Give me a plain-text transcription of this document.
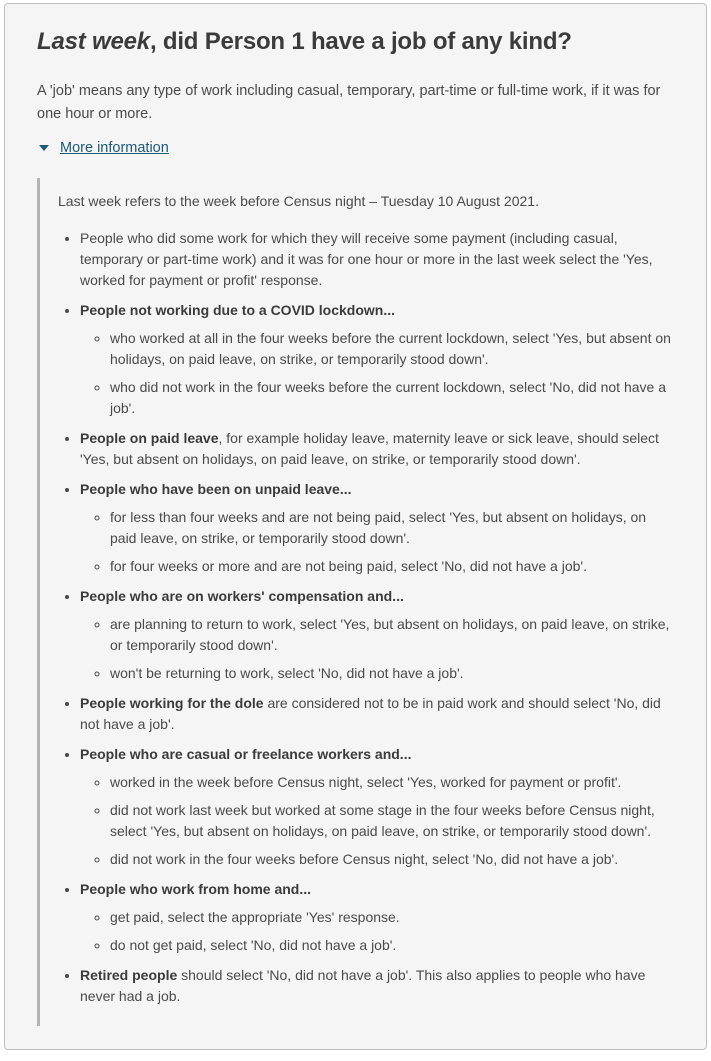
Last week, did Person 1 have a job of any kind?

A 'job' means any type of work including casual, temporary, part-time or full-time work, if it was for one hour or more.

More information

Last week refers to the week before Census night – Tuesday 10 August 2021.

• People who did some work for which they will receive some payment (including casual, temporary or part-time work) and it was for one hour or more in the last week select the 'Yes, worked for payment or profit' response.
• People not working due to a COVID lockdown...
◦ who worked at all in the four weeks before the current lockdown, select 'Yes, but absent on holidays, on paid leave, on strike, or temporarily stood down'.
◦ who did not work in the four weeks before the current lockdown, select 'No, did not have a job'.
• People on paid leave, for example holiday leave, maternity leave or sick leave, should select 'Yes, but absent on holidays, on paid leave, on strike, or temporarily stood down'.
• People who have been on unpaid leave...
◦ for less than four weeks and are not being paid, select 'Yes, but absent on holidays, on paid leave, on strike, or temporarily stood down'.
◦ for four weeks or more and are not being paid, select 'No, did not have a job'.
• People who are on workers' compensation and...
◦ are planning to return to work, select 'Yes, but absent on holidays, on paid leave, on strike, or temporarily stood down'.
◦ won't be returning to work, select 'No, did not have a job'.
• People working for the dole are considered not to be in paid work and should select 'No, did not have a job'.
• People who are casual or freelance workers and...
◦ worked in the week before Census night, select 'Yes, worked for payment or profit'.
◦ did not work last week but worked at some stage in the four weeks before Census night, select 'Yes, but absent on holidays, on paid leave, on strike, or temporarily stood down'.
◦ did not work in the four weeks before Census night, select 'No, did not have a job'.
• People who work from home and...
◦ get paid, select the appropriate 'Yes' response.
◦ do not get paid, select 'No, did not have a job'.
• Retired people should select 'No, did not have a job'. This also applies to people who have never had a job.
